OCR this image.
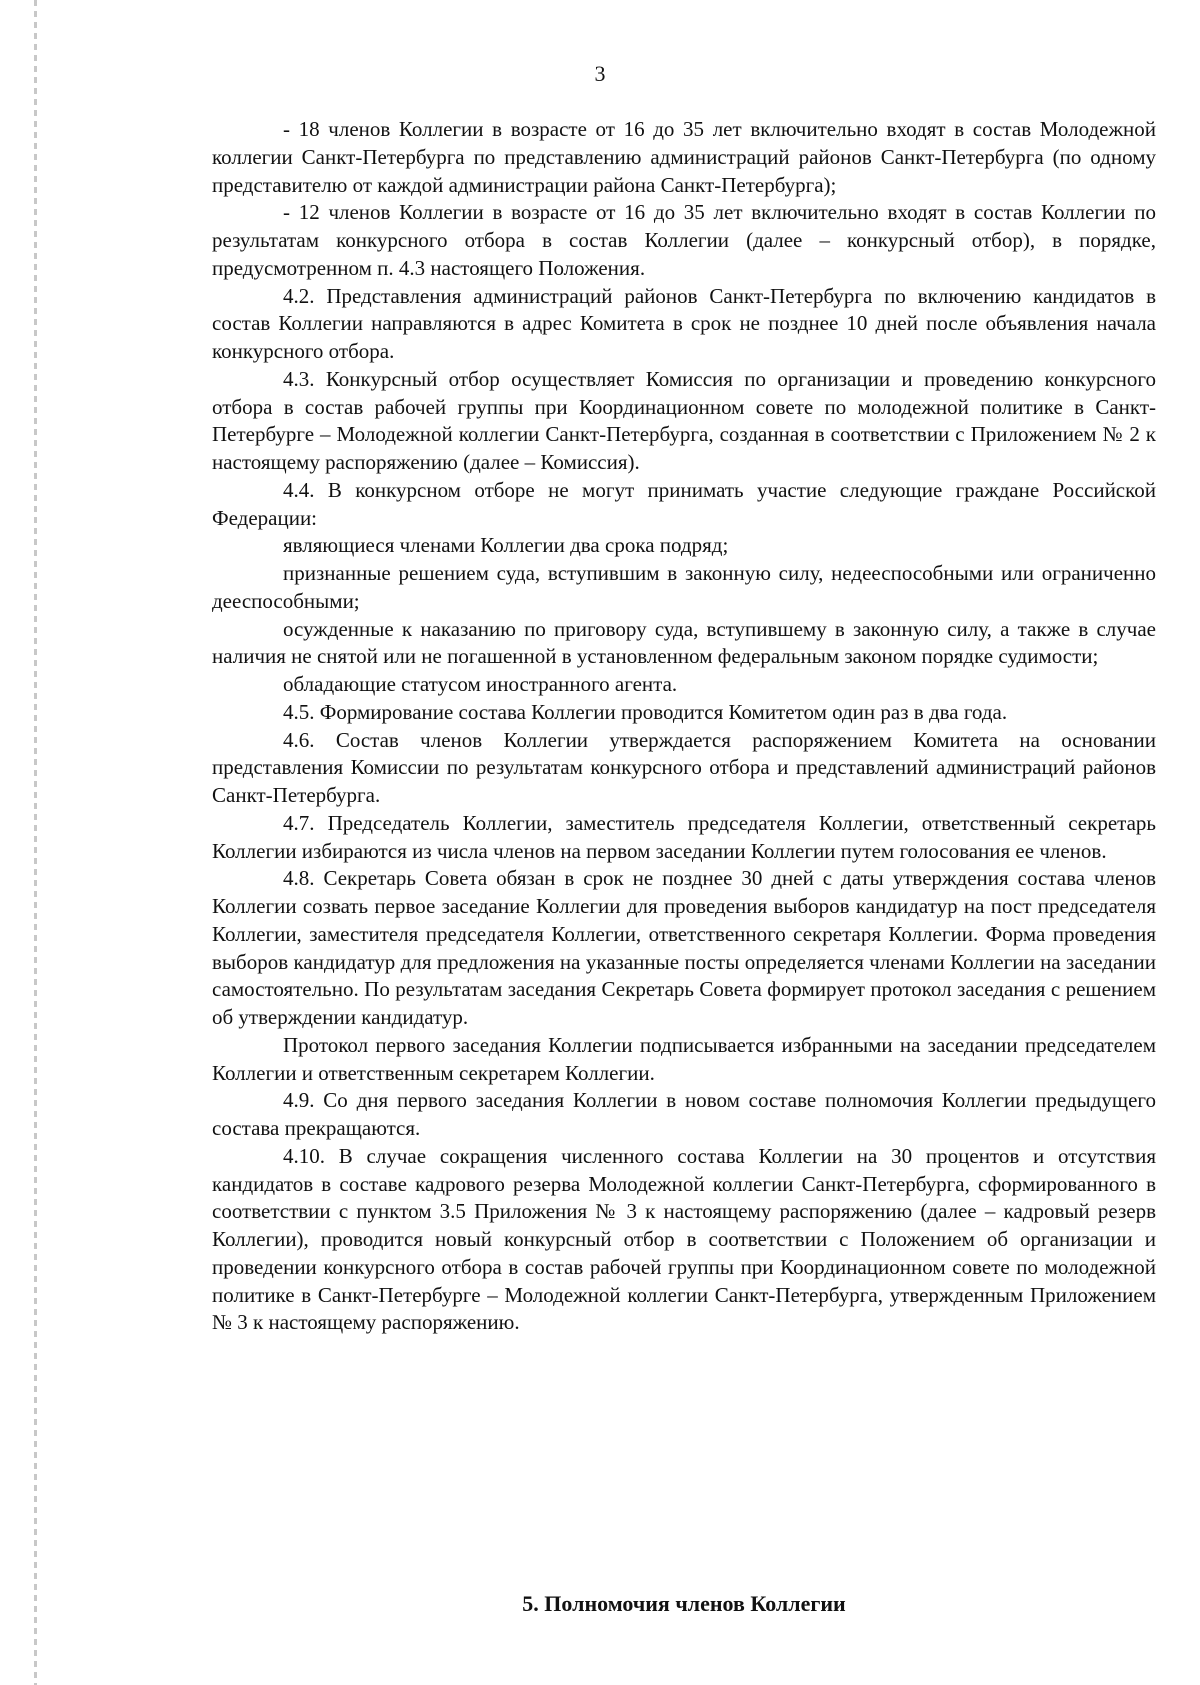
3

- 18 членов Коллегии в возрасте от 16 до 35 лет включительно входят в состав Молодежной коллегии Санкт-Петербурга по представлению администраций районов Санкт-Петербурга (по одному представителю от каждой администрации района Санкт-Петербурга);

- 12 членов Коллегии в возрасте от 16 до 35 лет включительно входят в состав Коллегии по результатам конкурсного отбора в состав Коллегии (далее – конкурсный отбор), в порядке, предусмотренном п. 4.3 настоящего Положения.

4.2. Представления администраций районов Санкт-Петербурга по включению кандидатов в состав Коллегии направляются в адрес Комитета в срок не позднее 10 дней после объявления начала конкурсного отбора.

4.3. Конкурсный отбор осуществляет Комиссия по организации и проведению конкурсного отбора в состав рабочей группы при Координационном совете по молодежной политике в Санкт-Петербурге – Молодежной коллегии Санкт-Петербурга, созданная в соответствии с Приложением № 2 к настоящему распоряжению (далее – Комиссия).

4.4. В конкурсном отборе не могут принимать участие следующие граждане Российской Федерации:

являющиеся членами Коллегии два срока подряд;

признанные решением суда, вступившим в законную силу, недееспособными или ограниченно дееспособными;

осужденные к наказанию по приговору суда, вступившему в законную силу, а также в случае наличия не снятой или не погашенной в установленном федеральным законом порядке судимости;

обладающие статусом иностранного агента.

4.5. Формирование состава Коллегии проводится Комитетом один раз в два года.

4.6. Состав членов Коллегии утверждается распоряжением Комитета на основании представления Комиссии по результатам конкурсного отбора и представлений администраций районов Санкт-Петербурга.

4.7. Председатель Коллегии, заместитель председателя Коллегии, ответственный секретарь Коллегии избираются из числа членов на первом заседании Коллегии путем голосования ее членов.

4.8. Секретарь Совета обязан в срок не позднее 30 дней с даты утверждения состава членов Коллегии созвать первое заседание Коллегии для проведения выборов кандидатур на пост председателя Коллегии, заместителя председателя Коллегии, ответственного секретаря Коллегии. Форма проведения выборов кандидатур для предложения на указанные посты определяется членами Коллегии на заседании самостоятельно. По результатам заседания Секретарь Совета формирует протокол заседания с решением об утверждении кандидатур.

Протокол первого заседания Коллегии подписывается избранными на заседании председателем Коллегии и ответственным секретарем Коллегии.

4.9. Со дня первого заседания Коллегии в новом составе полномочия Коллегии предыдущего состава прекращаются.

4.10. В случае сокращения численного состава Коллегии на 30 процентов и отсутствия кандидатов в составе кадрового резерва Молодежной коллегии Санкт-Петербурга, сформированного в соответствии с пунктом 3.5 Приложения № 3 к настоящему распоряжению (далее – кадровый резерв Коллегии), проводится новый конкурсный отбор в соответствии с Положением об организации и проведении конкурсного отбора в состав рабочей группы при Координационном совете по молодежной политике в Санкт-Петербурге – Молодежной коллегии Санкт-Петербурга, утвержденным Приложением № 3 к настоящему распоряжению.

5. Полномочия членов Коллегии
